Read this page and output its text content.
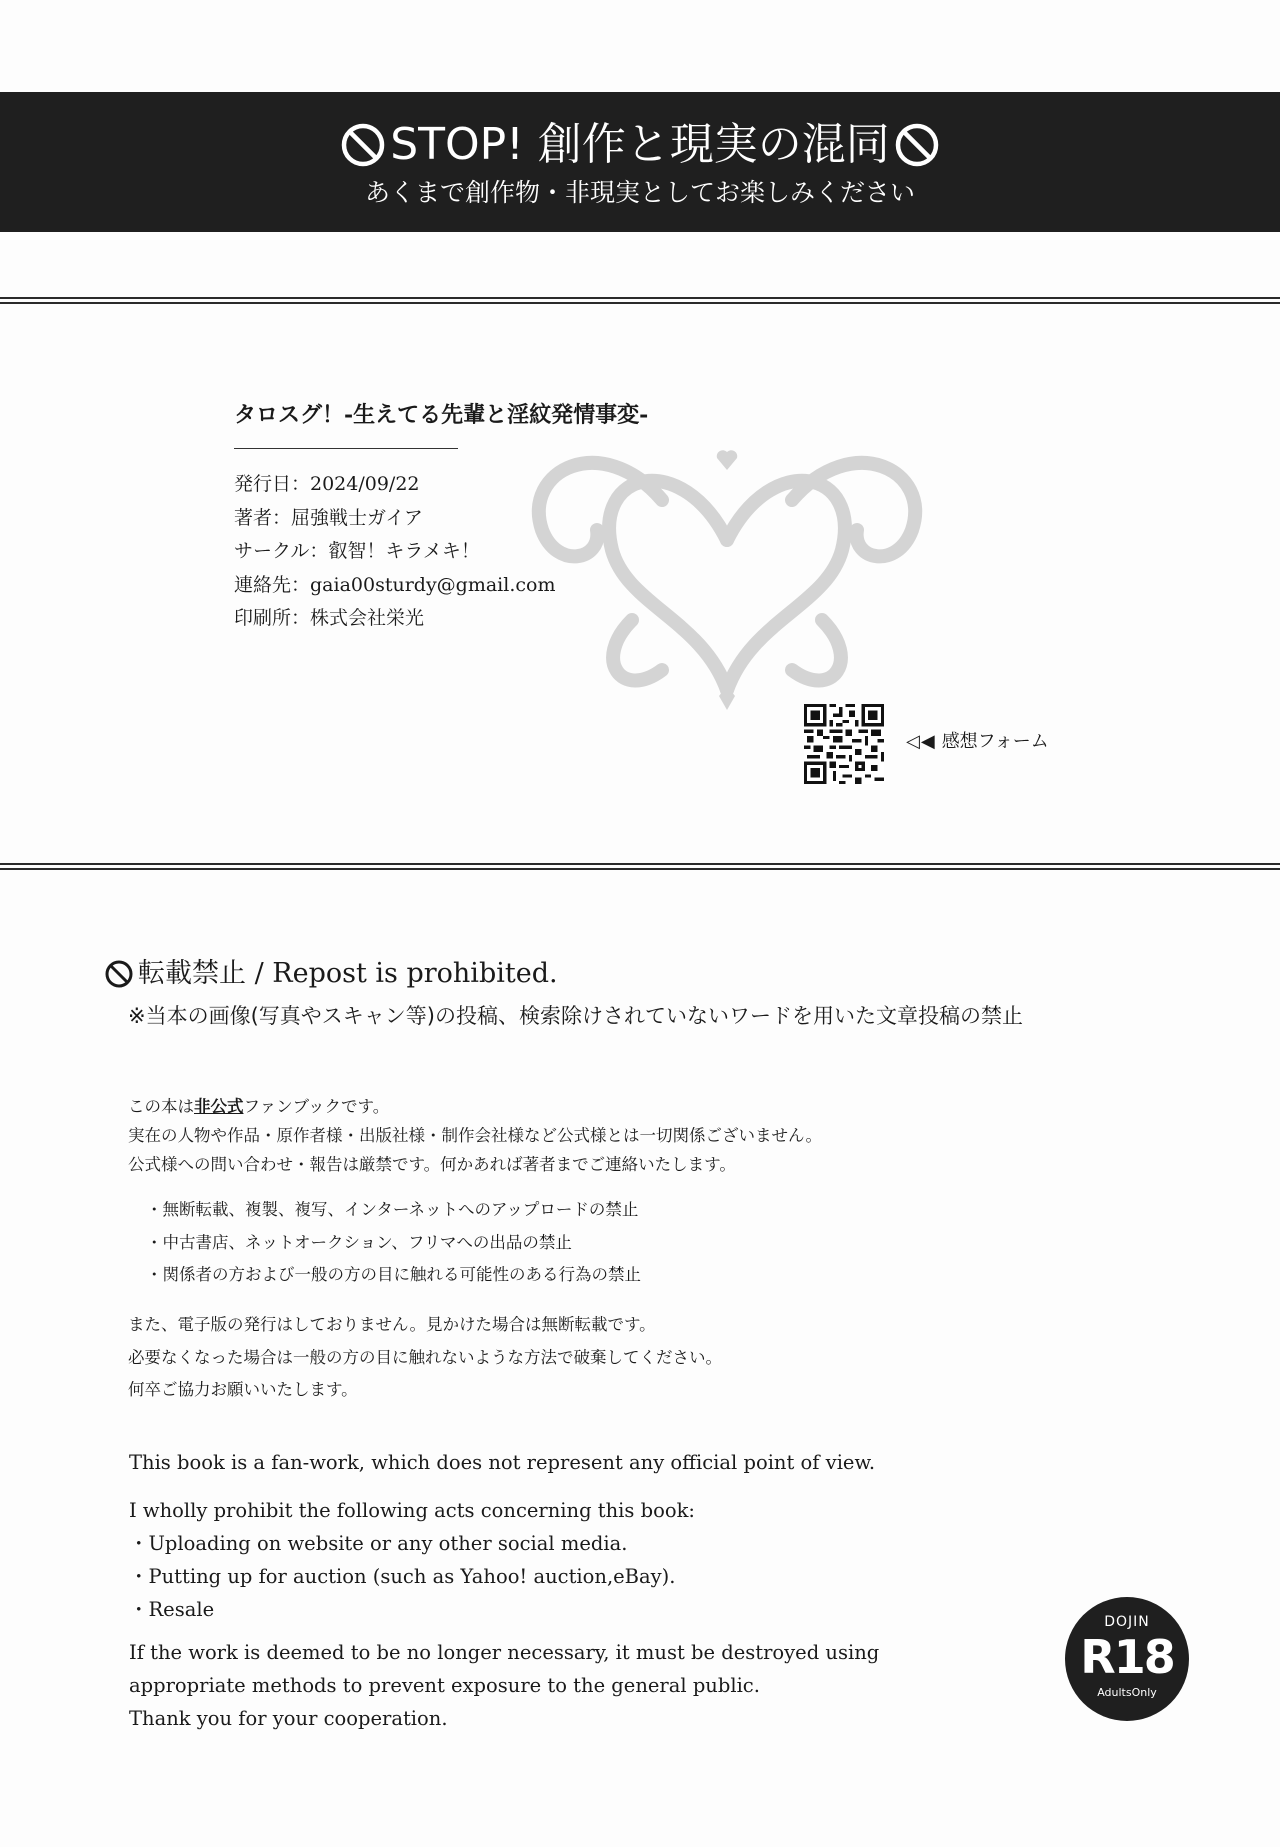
STOP! 創作と現実の混同
あくまで創作物・非現実としてお楽しみください
タロスグ！-生えてる先輩と淫紋発情事変-
発行日：2024/09/22
著者：屈強戦士ガイア
サークル：叡智！キラメキ！
連絡先：gaia00sturdy@gmail.com
印刷所：株式会社栄光
◁◀ 感想フォーム
転載禁止 / Repost is prohibited.
※当本の画像(写真やスキャン等)の投稿、検索除けされていないワードを用いた文章投稿の禁止

この本は非公式ファンブックです。

実在の人物や作品・原作者様・出版社様・制作会社様など公式様とは一切関係ございません。

公式様への問い合わせ・報告は厳禁です。何かあれば著者までご連絡いたします。

・無断転載、複製、複写、インターネットへのアップロードの禁止
・中古書店、ネットオークション、フリマへの出品の禁止
・関係者の方および一般の方の目に触れる可能性のある行為の禁止

また、電子版の発行はしておりません。見かけた場合は無断転載です。

必要なくなった場合は一般の方の目に触れないような方法で破棄してください。

何卒ご協力お願いいたします。

This book is a fan-work, which does not represent any official point of view.

I wholly prohibit the following acts concerning this book:

・Uploading on website or any other social media.
・Putting up for auction (such as Yahoo! auction,eBay).
・Resale

If the work is deemed to be no longer necessary, it must be destroyed using

appropriate methods to prevent exposure to the general public.

Thank you for your cooperation.

DOJIN
R18
AdultsOnly
